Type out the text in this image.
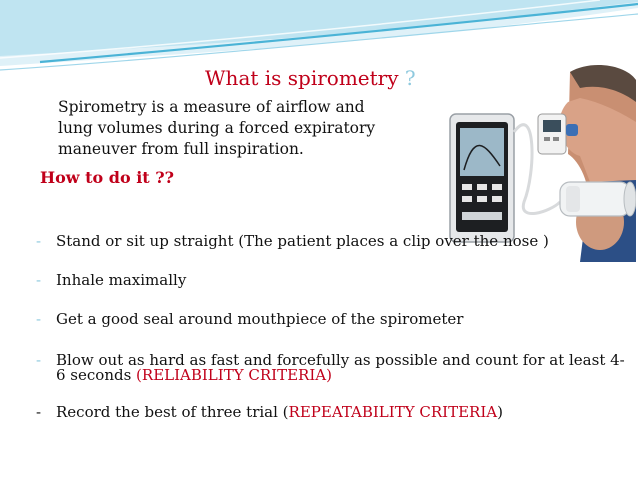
What is spirometry ?
Spirometry is a measure of airflow and
lung volumes during a forced expiratory
maneuver from full inspiration.
How to do it ??
- Stand or sit up straight (The patient places a clip over the nose )
- Inhale maximally
- Get a good seal around mouthpiece of the spirometer
- Blow out as hard as fast and forcefully as possible and count for at least 4-
6 seconds (RELIABILITY CRITERIA)
- Record the best of three trial (REPEATABILITY CRITERIA)
